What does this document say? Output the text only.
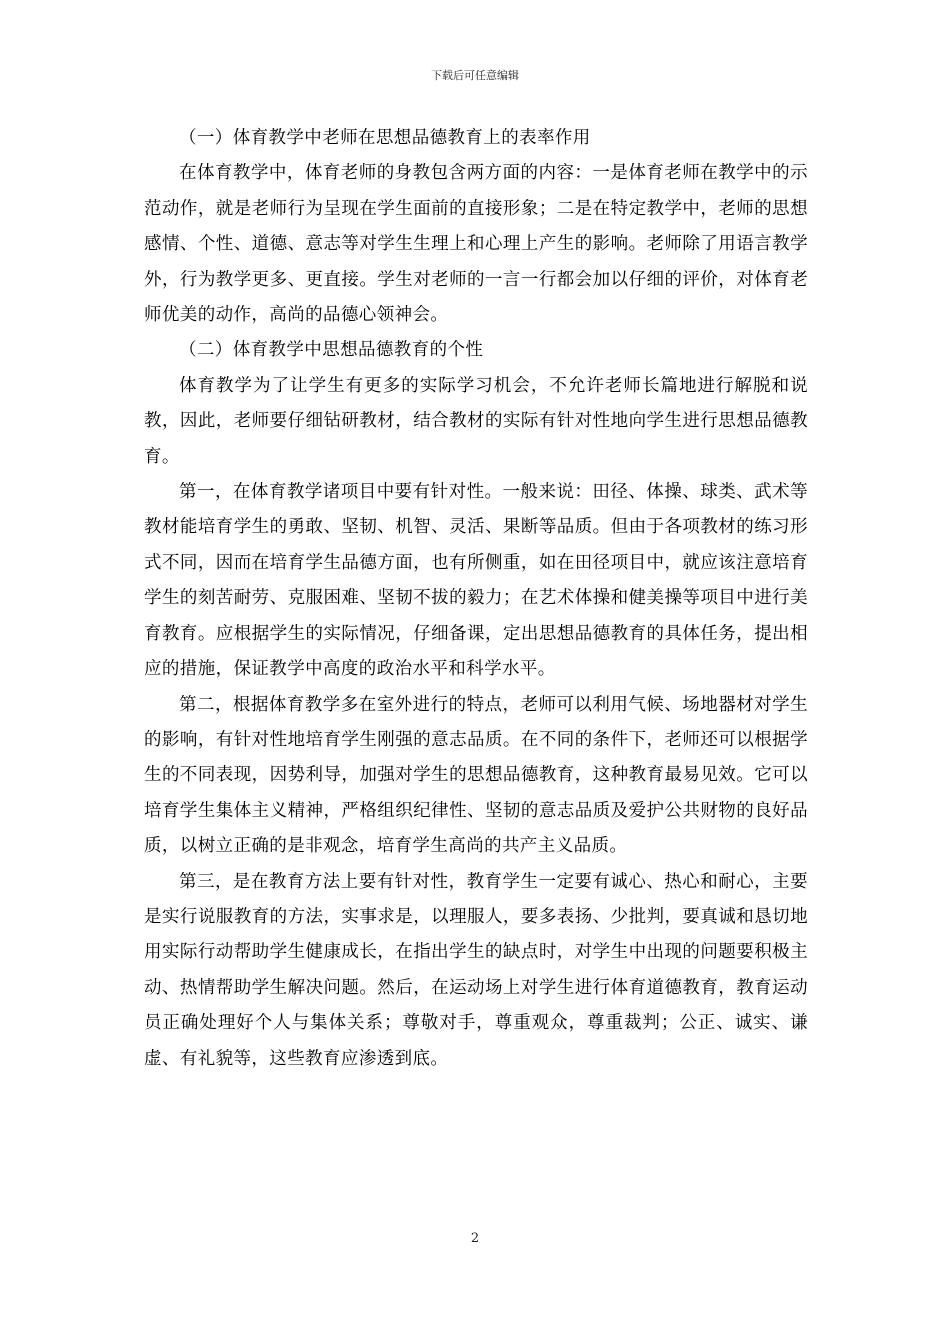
下载后可任意编辑

（一）体育教学中老师在思想品德教育上的表率作用

在体育教学中，体育老师的身教包含两方面的内容：一是体育老师在教学中的示范动作，就是老师行为呈现在学生面前的直接形象；二是在特定教学中，老师的思想感情、个性、道德、意志等对学生生理上和心理上产生的影响。老师除了用语言教学外，行为教学更多、更直接。学生对老师的一言一行都会加以仔细的评价，对体育老师优美的动作，高尚的品德心领神会。

（二）体育教学中思想品德教育的个性

体育教学为了让学生有更多的实际学习机会，不允许老师长篇地进行解脱和说教，因此，老师要仔细钻研教材，结合教材的实际有针对性地向学生进行思想品德教育。

第一，在体育教学诸项目中要有针对性。一般来说：田径、体操、球类、武术等教材能培育学生的勇敢、坚韧、机智、灵活、果断等品质。但由于各项教材的练习形式不同，因而在培育学生品德方面，也有所侧重，如在田径项目中，就应该注意培育学生的刻苦耐劳、克服困难、坚韧不拔的毅力；在艺术体操和健美操等项目中进行美育教育。应根据学生的实际情况，仔细备课，定出思想品德教育的具体任务，提出相应的措施，保证教学中高度的政治水平和科学水平。

第二，根据体育教学多在室外进行的特点，老师可以利用气候、场地器材对学生的影响，有针对性地培育学生刚强的意志品质。在不同的条件下，老师还可以根据学生的不同表现，因势利导，加强对学生的思想品德教育，这种教育最易见效。它可以培育学生集体主义精神，严格组织纪律性、坚韧的意志品质及爱护公共财物的良好品质，以树立正确的是非观念，培育学生高尚的共产主义品质。

第三，是在教育方法上要有针对性，教育学生一定要有诚心、热心和耐心，主要是实行说服教育的方法，实事求是，以理服人，要多表扬、少批判，要真诚和恳切地用实际行动帮助学生健康成长，在指出学生的缺点时，对学生中出现的问题要积极主动、热情帮助学生解决问题。然后，在运动场上对学生进行体育道德教育，教育运动员正确处理好个人与集体关系；尊敬对手，尊重观众，尊重裁判；公正、诚实、谦虚、有礼貌等，这些教育应渗透到底。

2
